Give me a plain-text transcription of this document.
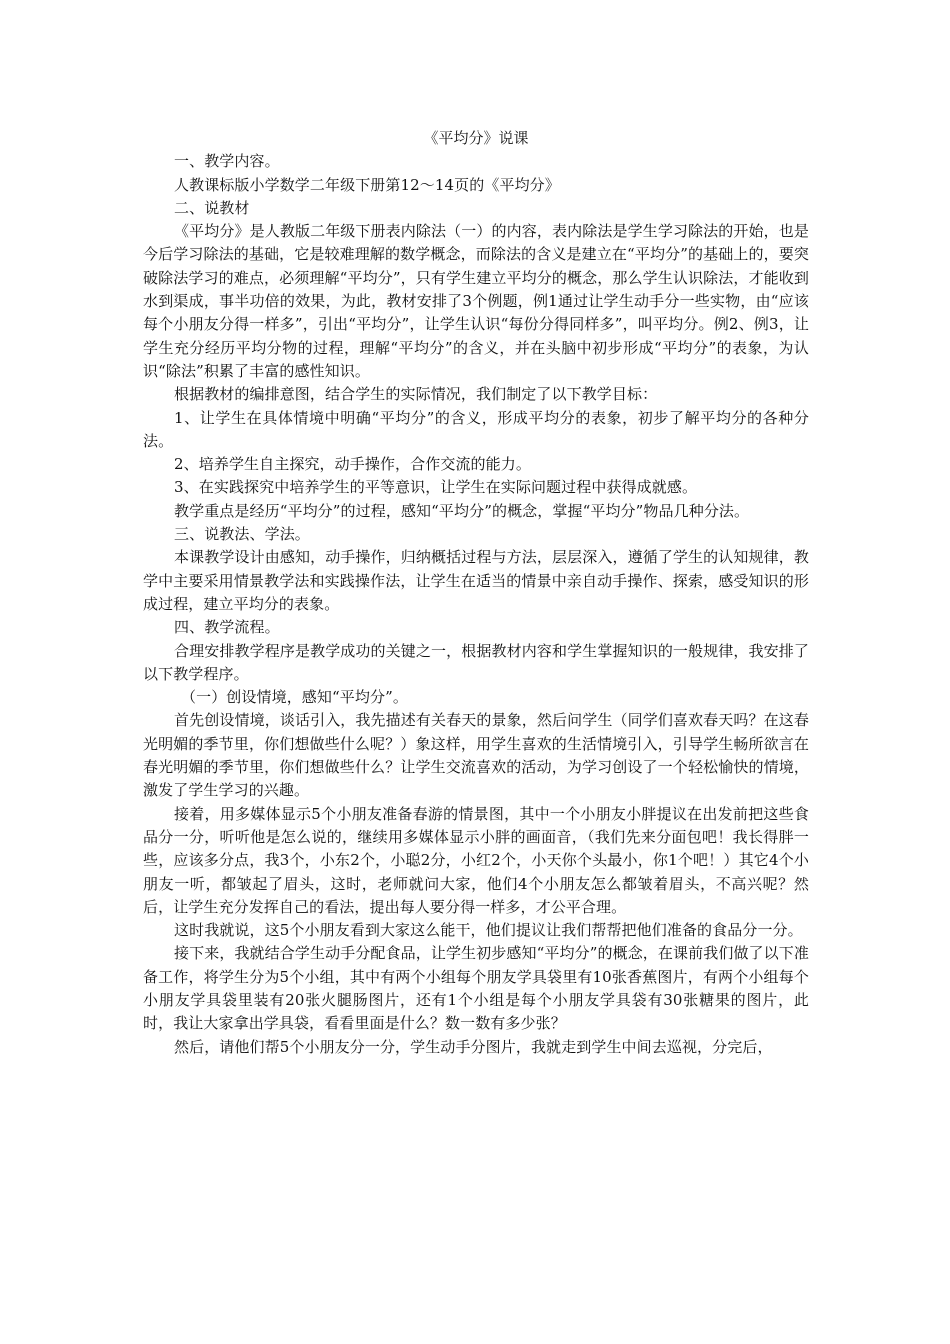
《平均分》说课

一、教学内容。

人教课标版小学数学二年级下册第12～14页的《平均分》

二、说教材

《平均分》是人教版二年级下册表内除法（一）的内容，表内除法是学生学习除法的开始，也是今后学习除法的基础，它是较难理解的数学概念，而除法的含义是建立在“平均分”的基础上的，要突破除法学习的难点，必须理解“平均分”，只有学生建立平均分的概念，那么学生认识除法，才能收到水到渠成，事半功倍的效果，为此，教材安排了3个例题，例1通过让学生动手分一些实物，由“应该每个小朋友分得一样多”，引出“平均分”，让学生认识“每份分得同样多”，叫平均分。例2、例3，让学生充分经历平均分物的过程，理解“平均分”的含义，并在头脑中初步形成“平均分”的表象，为认识“除法”积累了丰富的感性知识。

根据教材的编排意图，结合学生的实际情况，我们制定了以下教学目标：

1、让学生在具体情境中明确“平均分”的含义，形成平均分的表象，初步了解平均分的各种分法。

2、培养学生自主探究，动手操作，合作交流的能力。

3、在实践探究中培养学生的平等意识，让学生在实际问题过程中获得成就感。

教学重点是经历“平均分”的过程，感知“平均分”的概念，掌握“平均分”物品几种分法。

三、说教法、学法。

本课教学设计由感知，动手操作，归纳概括过程与方法，层层深入，遵循了学生的认知规律，教学中主要采用情景教学法和实践操作法，让学生在适当的情景中亲自动手操作、探索，感受知识的形成过程，建立平均分的表象。

四、教学流程。

合理安排教学程序是教学成功的关键之一，根据教材内容和学生掌握知识的一般规律，我安排了以下教学程序。

（一）创设情境，感知“平均分”。

首先创设情境，谈话引入，我先描述有关春天的景象，然后问学生（同学们喜欢春天吗？在这春光明媚的季节里，你们想做些什么呢？）象这样，用学生喜欢的生活情境引入，引导学生畅所欲言在春光明媚的季节里，你们想做些什么？让学生交流喜欢的活动，为学习创设了一个轻松愉快的情境，激发了学生学习的兴趣。

接着，用多媒体显示5个小朋友准备春游的情景图，其中一个小朋友小胖提议在出发前把这些食品分一分，听听他是怎么说的，继续用多媒体显示小胖的画面音，（我们先来分面包吧！我长得胖一些，应该多分点，我3个，小东2个，小聪2分，小红2个，小天你个头最小，你1个吧！）其它4个小朋友一听，都皱起了眉头，这时，老师就问大家，他们4个小朋友怎么都皱着眉头，不高兴呢？然后，让学生充分发挥自己的看法，提出每人要分得一样多，才公平合理。

这时我就说，这5个小朋友看到大家这么能干，他们提议让我们帮帮把他们准备的食品分一分。

接下来，我就结合学生动手分配食品，让学生初步感知“平均分”的概念，在课前我们做了以下准备工作，将学生分为5个小组，其中有两个小组每个朋友学具袋里有10张香蕉图片，有两个小组每个小朋友学具袋里装有20张火腿肠图片，还有1个小组是每个小朋友学具袋有30张糖果的图片，此时，我让大家拿出学具袋，看看里面是什么？数一数有多少张？

然后，请他们帮5个小朋友分一分，学生动手分图片，我就走到学生中间去巡视，分完后，
